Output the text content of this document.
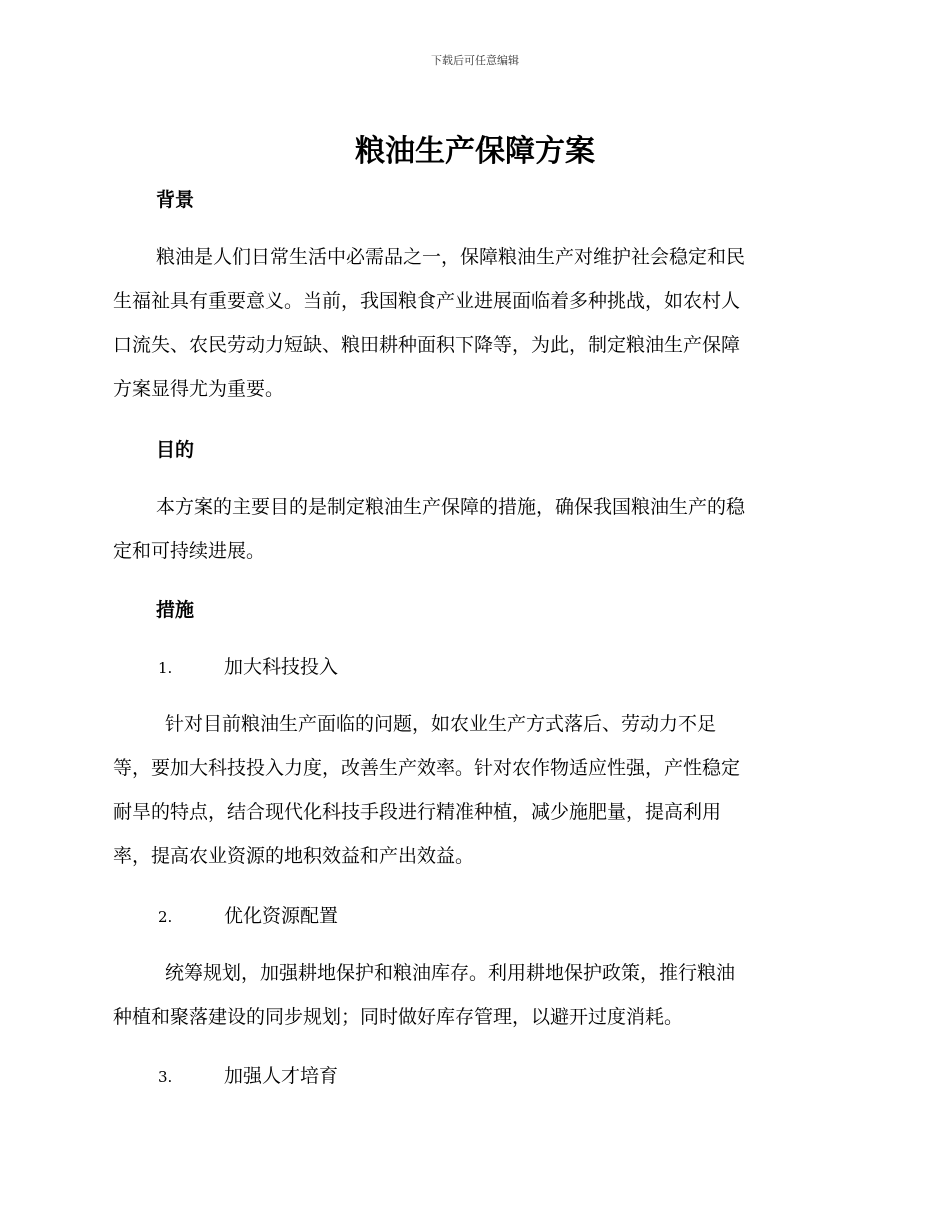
下载后可任意编辑
粮油生产保障方案
背景

粮油是人们日常生活中必需品之一，保障粮油生产对维护社会稳定和民
生福祉具有重要意义。当前，我国粮食产业进展面临着多种挑战，如农村人
口流失、农民劳动力短缺、粮田耕种面积下降等，为此，制定粮油生产保障
方案显得尤为重要。

目的

本方案的主要目的是制定粮油生产保障的措施，确保我国粮油生产的稳
定和可持续进展。

措施
1.	加大科技投入

针对目前粮油生产面临的问题，如农业生产方式落后、劳动力不足
等，要加大科技投入力度，改善生产效率。针对农作物适应性强，产性稳定
耐旱的特点，结合现代化科技手段进行精准种植，减少施肥量，提高利用
率，提高农业资源的地积效益和产出效益。

2.	优化资源配置

统筹规划，加强耕地保护和粮油库存。利用耕地保护政策，推行粮油
种植和聚落建设的同步规划；同时做好库存管理，以避开过度消耗。

3.	加强人才培育
